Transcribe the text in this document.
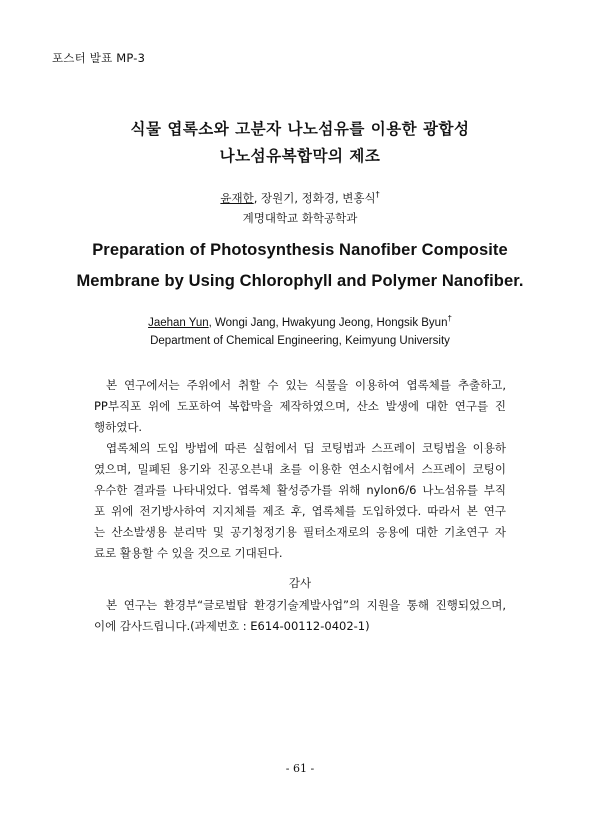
포스터 발표 MP-3
식물 엽록소와 고분자 나노섬유를 이용한 광합성
나노섬유복합막의 제조
윤재한, 장원기, 정화경, 변홍식†
계명대학교 화학공학과
Preparation of Photosynthesis Nanofiber Composite
Membrane by Using Chlorophyll and Polymer Nanofiber.
Jaehan Yun, Wongi Jang, Hwakyung Jeong, Hongsik Byun†
Department of Chemical Engineering, Keimyung University
본 연구에서는 주위에서 취할 수 있는 식물을 이용하여 엽록체를 추출하고,
PP부직포 위에 도포하여 복합막을 제작하였으며, 산소 발생에 대한 연구를 진
행하였다.
엽록체의 도입 방법에 따른 실험에서 딥 코팅법과 스프레이 코팅법을 이용하
였으며, 밀폐된 용기와 진공오븐내 초를 이용한 연소시험에서 스프레이 코팅이
우수한 결과를 나타내었다. 엽록체 활성증가를 위해 nylon6/6 나노섬유를 부직
포 위에 전기방사하여 지지체를 제조 후, 엽록체를 도입하였다. 따라서 본 연구
는 산소발생용 분리막 및 공기청정기용 필터소재로의 응용에 대한 기초연구 자
료로 활용할 수 있을 것으로 기대된다.
감사
본 연구는 환경부“글로벌탑 환경기술계발사업”의 지원을 통해 진행되었으며,
이에 감사드립니다.(과제번호 : E614-00112-0402-1)
- 61 -
